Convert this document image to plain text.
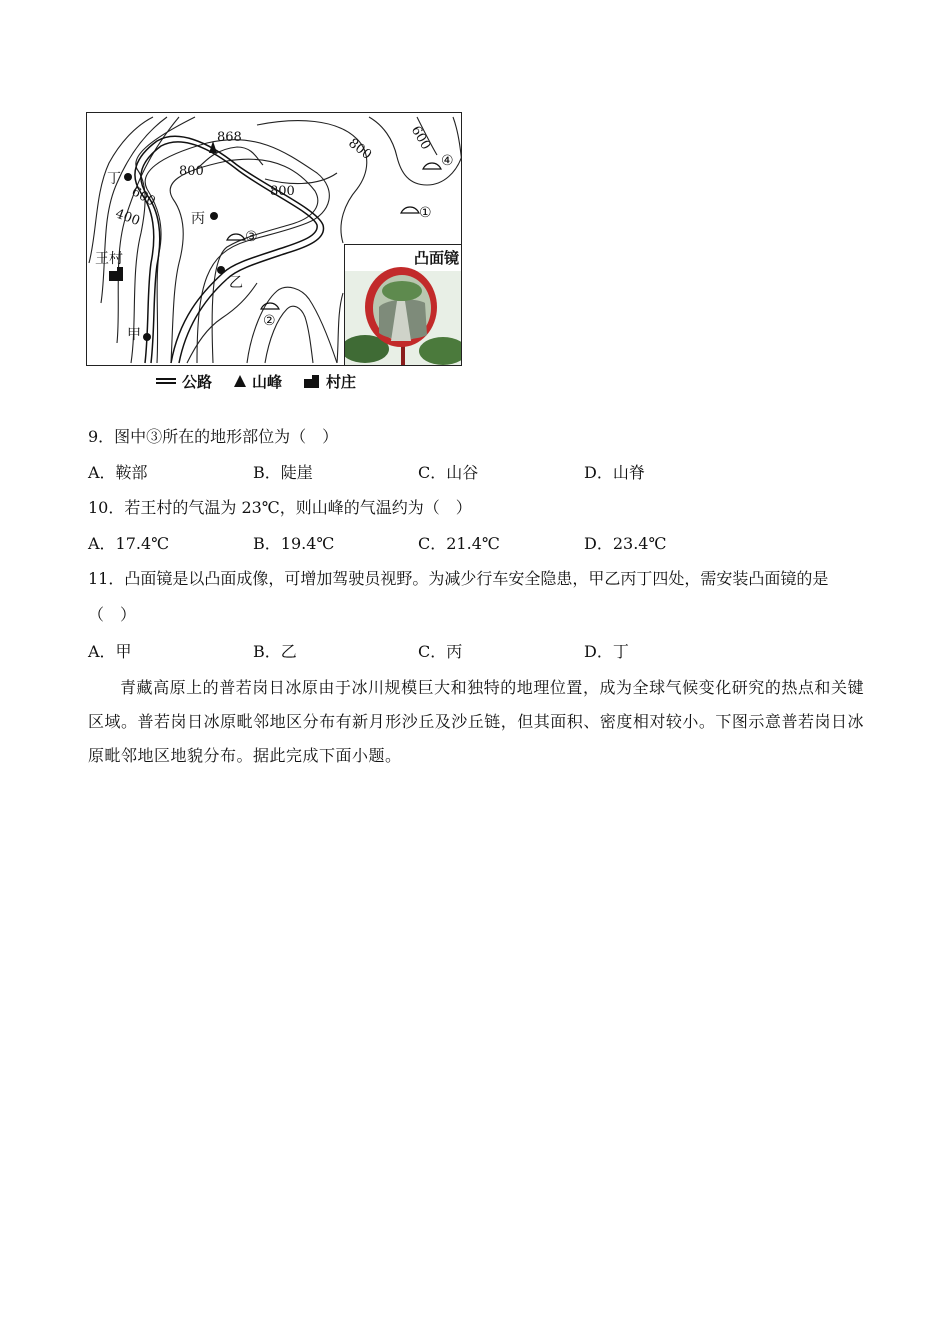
868
800
800
800	600
600
400
丁
丙
乙
甲
王村
①
②
③
④
凸面镜
公路	山峰	村庄
9．图中③所在的地形部位为（　）
A．鞍部	B．陡崖	C．山谷	D．山脊
10．若王村的气温为 23℃，则山峰的气温约为（　）
A．17.4℃	B．19.4℃	C．21.4℃	D．23.4℃
11．凸面镜是以凸面成像，可增加驾驶员视野。为减少行车安全隐患，甲乙丙丁四处，需安装凸面镜的是
（　）
A．甲	B．乙	C．丙	D．丁
青藏高原上的普若岗日冰原由于冰川规模巨大和独特的地理位置，成为全球气候变化研究的热点和关键区域。普若岗日冰原毗邻地区分布有新月形沙丘及沙丘链，但其面积、密度相对较小。下图示意普若岗日冰原毗邻地区地貌分布。据此完成下面小题。
